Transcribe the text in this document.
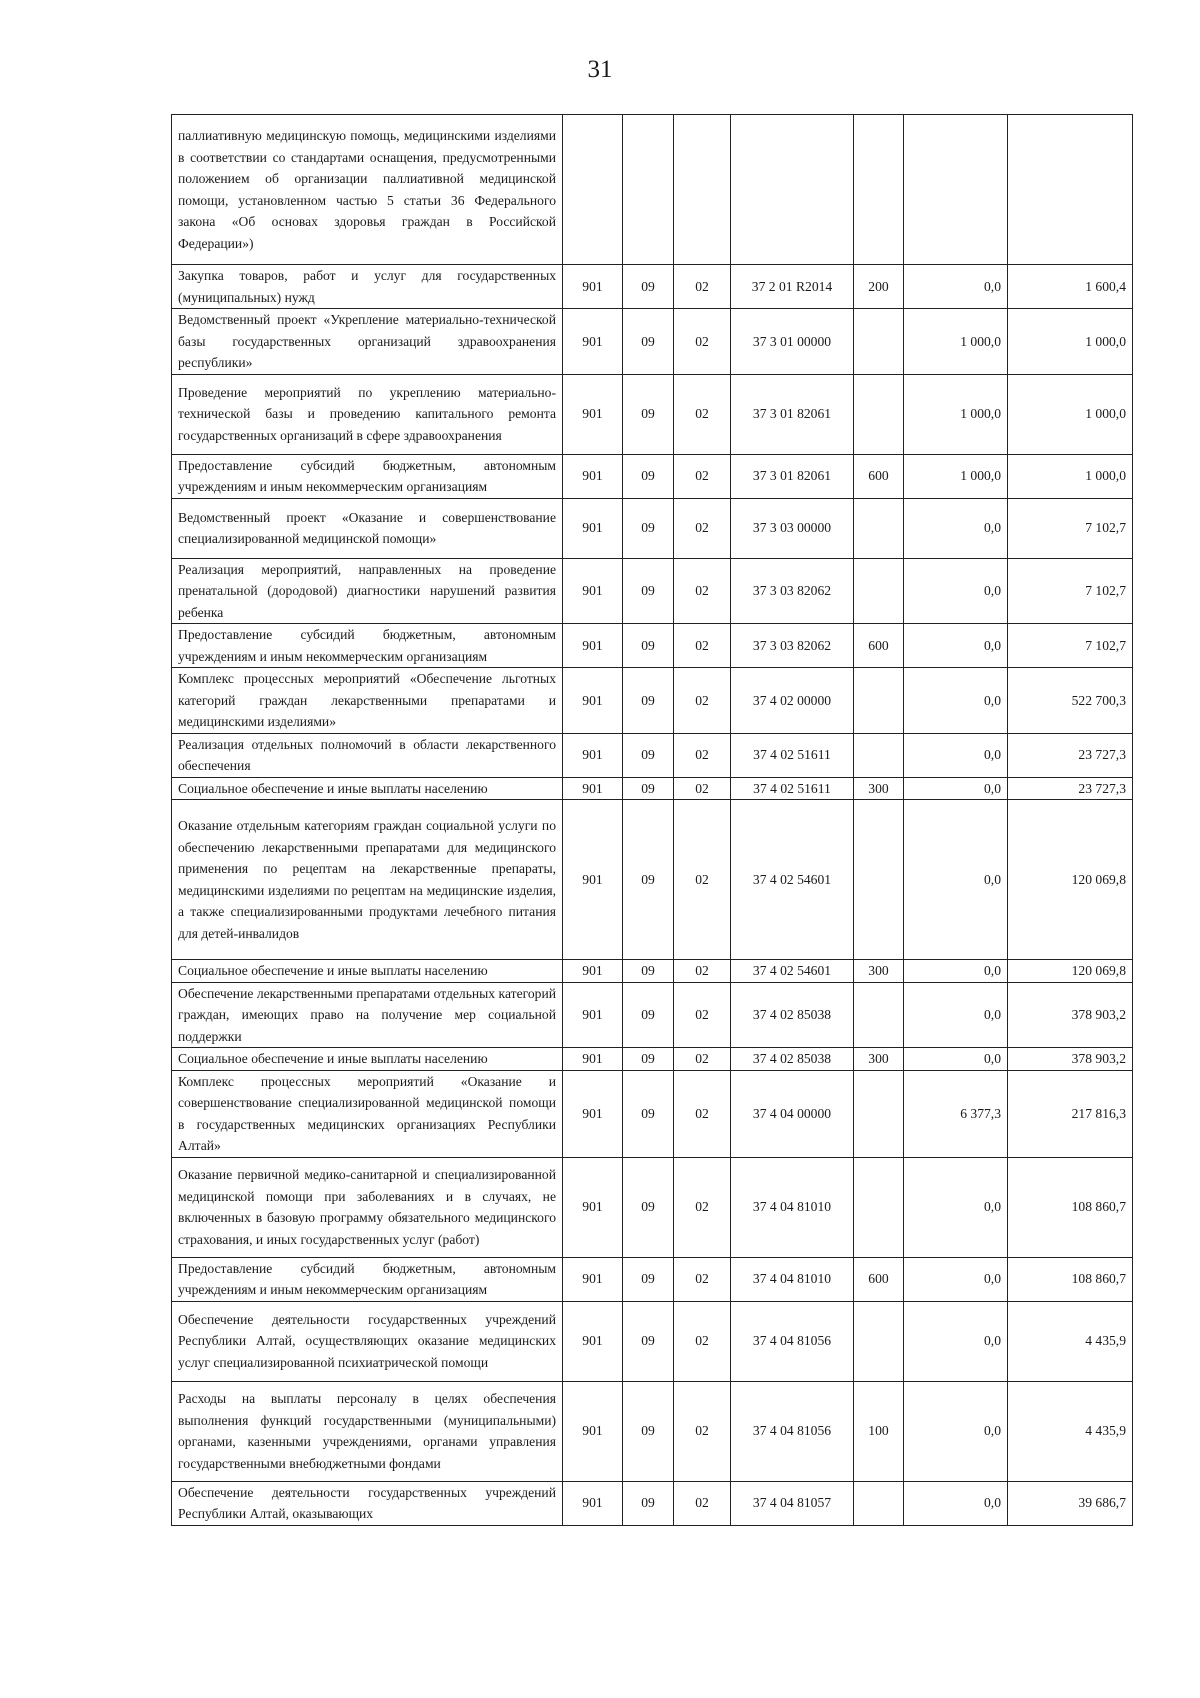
31
паллиативную медицинскую помощь, медицинскими изделиями в соответствии со стандартами оснащения, предусмотренными положением об организации паллиативной медицинской помощи, установленном частью 5 статьи 36 Федерального закона «Об основах здоровья граждан в Российской Федерации»)							
Закупка товаров, работ и услуг для государственных (муниципальных) нужд	901	09	02	37 2 01 R2014	200	0,0	1 600,4
Ведомственный проект «Укрепление материально-технической базы государственных организаций здравоохранения республики»	901	09	02	37 3 01 00000		1 000,0	1 000,0
Проведение мероприятий по укреплению материально-технической базы и проведению капитального ремонта государственных организаций в сфере здравоохранения	901	09	02	37 3 01 82061		1 000,0	1 000,0
Предоставление субсидий бюджетным, автономным учреждениям и иным некоммерческим организациям	901	09	02	37 3 01 82061	600	1 000,0	1 000,0
Ведомственный проект «Оказание и совершенствование специализированной медицинской помощи»	901	09	02	37 3 03 00000		0,0	7 102,7
Реализация мероприятий, направленных на проведение пренатальной (дородовой) диагностики нарушений развития ребенка	901	09	02	37 3 03 82062		0,0	7 102,7
Предоставление субсидий бюджетным, автономным учреждениям и иным некоммерческим организациям	901	09	02	37 3 03 82062	600	0,0	7 102,7
Комплекс процессных мероприятий «Обеспечение льготных категорий граждан лекарственными препаратами и медицинскими изделиями»	901	09	02	37 4 02 00000		0,0	522 700,3
Реализация отдельных полномочий в области лекарственного обеспечения	901	09	02	37 4 02 51611		0,0	23 727,3
Социальное обеспечение и иные выплаты населению	901	09	02	37 4 02 51611	300	0,0	23 727,3
Оказание отдельным категориям граждан социальной услуги по обеспечению лекарственными препаратами для медицинского применения по рецептам на лекарственные препараты, медицинскими изделиями по рецептам на медицинские изделия, а также специализированными продуктами лечебного питания для детей-инвалидов	901	09	02	37 4 02 54601		0,0	120 069,8
Социальное обеспечение и иные выплаты населению	901	09	02	37 4 02 54601	300	0,0	120 069,8
Обеспечение лекарственными препаратами отдельных категорий граждан, имеющих право на получение мер социальной поддержки	901	09	02	37 4 02 85038		0,0	378 903,2
Социальное обеспечение и иные выплаты населению	901	09	02	37 4 02 85038	300	0,0	378 903,2
Комплекс процессных мероприятий «Оказание и совершенствование специализированной медицинской помощи в государственных медицинских организациях Республики Алтай»	901	09	02	37 4 04 00000		6 377,3	217 816,3
Оказание первичной медико-санитарной и специализированной медицинской помощи при заболеваниях и в случаях, не включенных в базовую программу обязательного медицинского страхования, и иных государственных услуг (работ)	901	09	02	37 4 04 81010		0,0	108 860,7
Предоставление субсидий бюджетным, автономным учреждениям и иным некоммерческим организациям	901	09	02	37 4 04 81010	600	0,0	108 860,7
Обеспечение деятельности государственных учреждений Республики Алтай, осуществляющих оказание медицинских услуг специализированной психиатрической помощи	901	09	02	37 4 04 81056		0,0	4 435,9
Расходы на выплаты персоналу в целях обеспечения выполнения функций государственными (муниципальными) органами, казенными учреждениями, органами управления государственными внебюджетными фондами	901	09	02	37 4 04 81056	100	0,0	4 435,9
Обеспечение деятельности государственных учреждений Республики Алтай, оказывающих	901	09	02	37 4 04 81057		0,0	39 686,7
